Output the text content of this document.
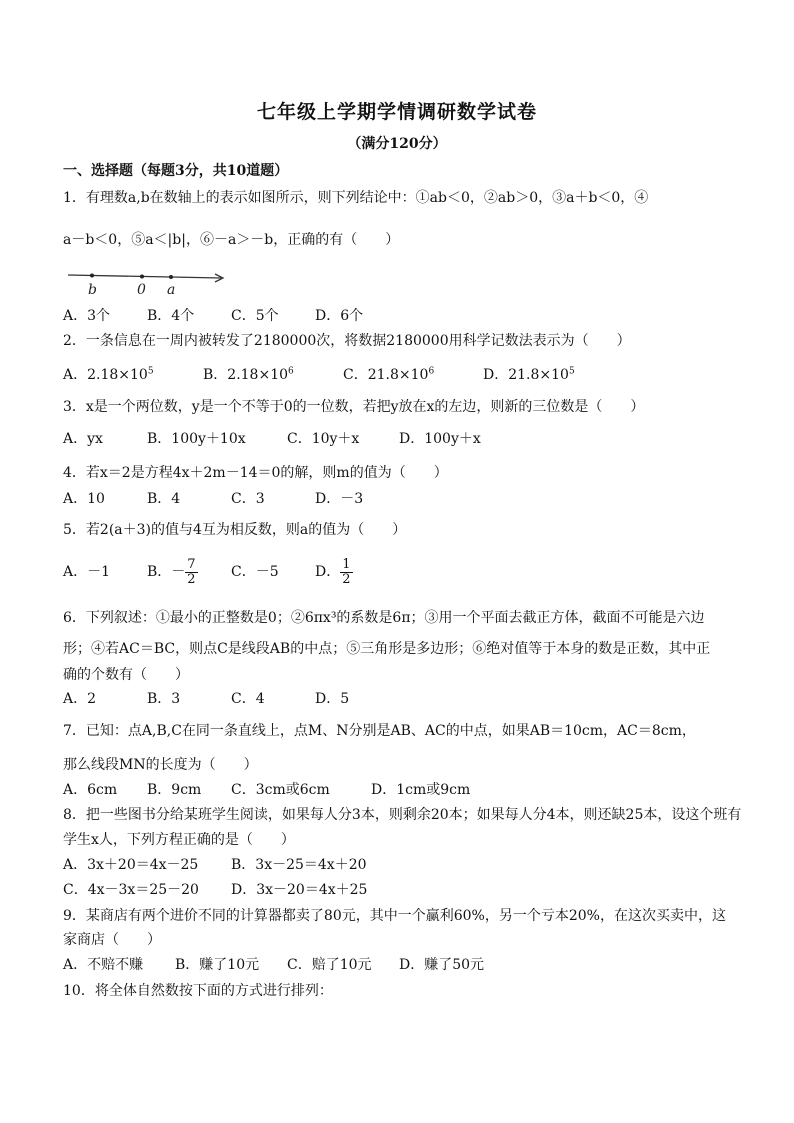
七年级上学期学情调研数学试卷
（满分120分）
一、选择题（每题3分，共10道题）
1．有理数a,b在数轴上的表示如图所示，则下列结论中：①ab＜0，②ab＞0，③a＋b＜0，④
a－b＜0，⑤a＜|b|，⑥－a＞－b，正确的有（　　）
b	0 a
A．3个	B．4个	C．5个	D．6个
2．一条信息在一周内被转发了2180000次，将数据2180000用科学记数法表示为（　　）
A．$2.18\times 10^5$	B．$2.18\times 10^6$	C．$21.8\times 10^6$	D．$21.8\times 10^5$
3．x是一个两位数，y是一个不等于0的一位数，若把y放在x的左边，则新的三位数是（　　）
A．yx	B．100y＋10x	C．10y＋x	D．100y＋x
4．若x＝2是方程4x＋2m－14＝0的解，则m的值为（　　）
A．10	B．4	C．3	D．－3
5．若2(a＋3)的值与4互为相反数，则a的值为（　　）
A．－1	B．－ $\frac{7}{2}$ C．－5	D． $\frac{1}{2}$
6．下列叙述：①最小的正整数是0；②6πx³的系数是6π；③用一个平面去截正方体，截面不可能是六边
形；④若AC＝BC，则点C是线段AB的中点；⑤三角形是多边形；⑥绝对值等于本身的数是正数，其中正
确的个数有（　　）
A．2	B．3	C．4	D．5
7．已知：点A,B,C在同一条直线上，点M、N分别是AB、AC的中点，如果AB＝10cm，AC＝8cm，
那么线段MN的长度为（　　）
A．6cm B．9cm C．3cm或6cm	D．1cm或9cm
8．把一些图书分给某班学生阅读，如果每人分3本，则剩余20本；如果每人分4本，则还缺25本，设这个班有
学生x人，下列方程正确的是（　　）
A．3x＋20＝4x－25 B．3x－25＝4x＋20
C．4x－3x＝25－20 D．3x－20＝4x＋25
9．某商店有两个进价不同的计算器都卖了80元，其中一个赢利60%，另一个亏本20%，在这次买卖中，这
家商店（　　）
A．不赔不赚 B．赚了10元 C．赔了10元 D．赚了50元
10．将全体自然数按下面的方式进行排列：
